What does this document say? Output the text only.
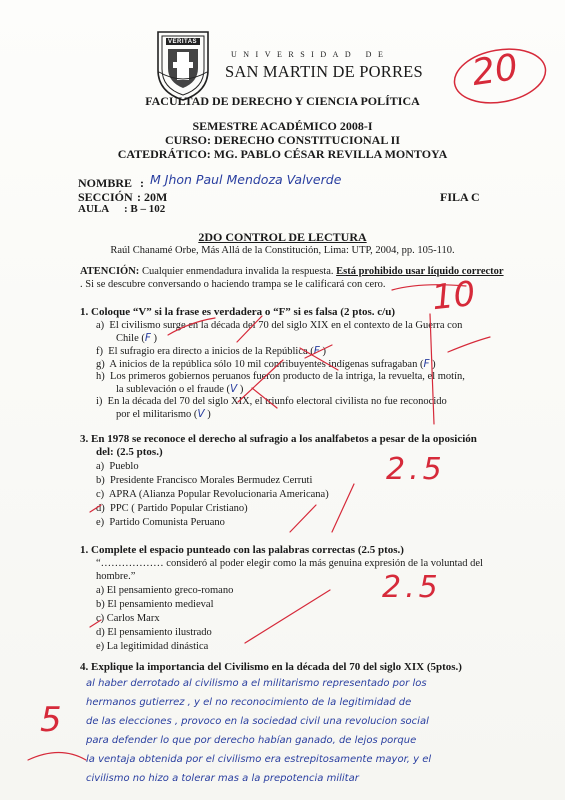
VERITAS
UNIVERSIDAD DE
SAN MARTIN DE PORRES 20
FACULTAD DE DERECHO Y CIENCIA POLÍTICA
SEMESTRE ACADÉMICO 2008-I
CURSO: DERECHO CONSTITUCIONAL II
CATEDRÁTICO: MG. PABLO CÉSAR REVILLA MONTOYA
NOMBRE : M Jhon Paul Mendoza Valverde
SECCIÓN : 20M	FILA C
AULA : B – 102
2DO CONTROL DE LECTURA
Raúl Chanamé Orbe, Más Allá de la Constitución, Lima: UTP, 2004, pp. 105-110.
ATENCIÓN: Cualquier enmendadura invalida la respuesta. Está prohibido usar líquido corrector
. Si se descubre conversando o haciendo trampa se le calificará con cero.
1. Coloque “V” si la frase es verdadera o “F” si es falsa (2 ptos. c/u) 10
a) El civilismo surge en la década del 70 del siglo XIX en el contexto de la Guerra con
Chile (F )
f) El sufragio era directo a inicios de la República (F )
g) A inicios de la república sólo 10 mil contribuyentes indígenas sufragaban (F )
h) Los primeros gobiernos peruanos fueron producto de la intriga, la revuelta, el motín,
la sublevación o el fraude (V )
i) En la década del 70 del siglo XIX, el triunfo electoral civilista no fue reconocido
por el militarismo (V )
3. En 1978 se reconoce el derecho al sufragio a los analfabetos a pesar de la oposición
del: (2.5 ptos.)
a) Pueblo
b) Presidente Francisco Morales Bermudez Cerruti
c) APRA (Alianza Popular Revolucionaria Americana)
d) PPC ( Partido Popular Cristiano)
e) Partido Comunista Peruano
2.5
1. Complete el espacio punteado con las palabras correctas (2.5 ptos.)
“……………… consideró al poder elegir como la más genuina expresión de la voluntad del
hombre.”
a) El pensamiento greco-romano
b) El pensamiento medieval
c) Carlos Marx
d) El pensamiento ilustrado
e) La legitimidad dinástica
2.5
4. Explique la importancia del Civilismo en la década del 70 del siglo XIX (5ptos.)
5
al haber derrotado al civilismo a el militarismo representado por los
hermanos gutierrez , y el no reconocimiento de la legitimidad de
de las elecciones , provoco en la sociedad civil una revolucion social
para defender lo que por derecho habían ganado, de lejos porque
la ventaja obtenida por el civilismo era estrepitosamente mayor, y el
civilismo no hizo a tolerar mas a la prepotencia militar
